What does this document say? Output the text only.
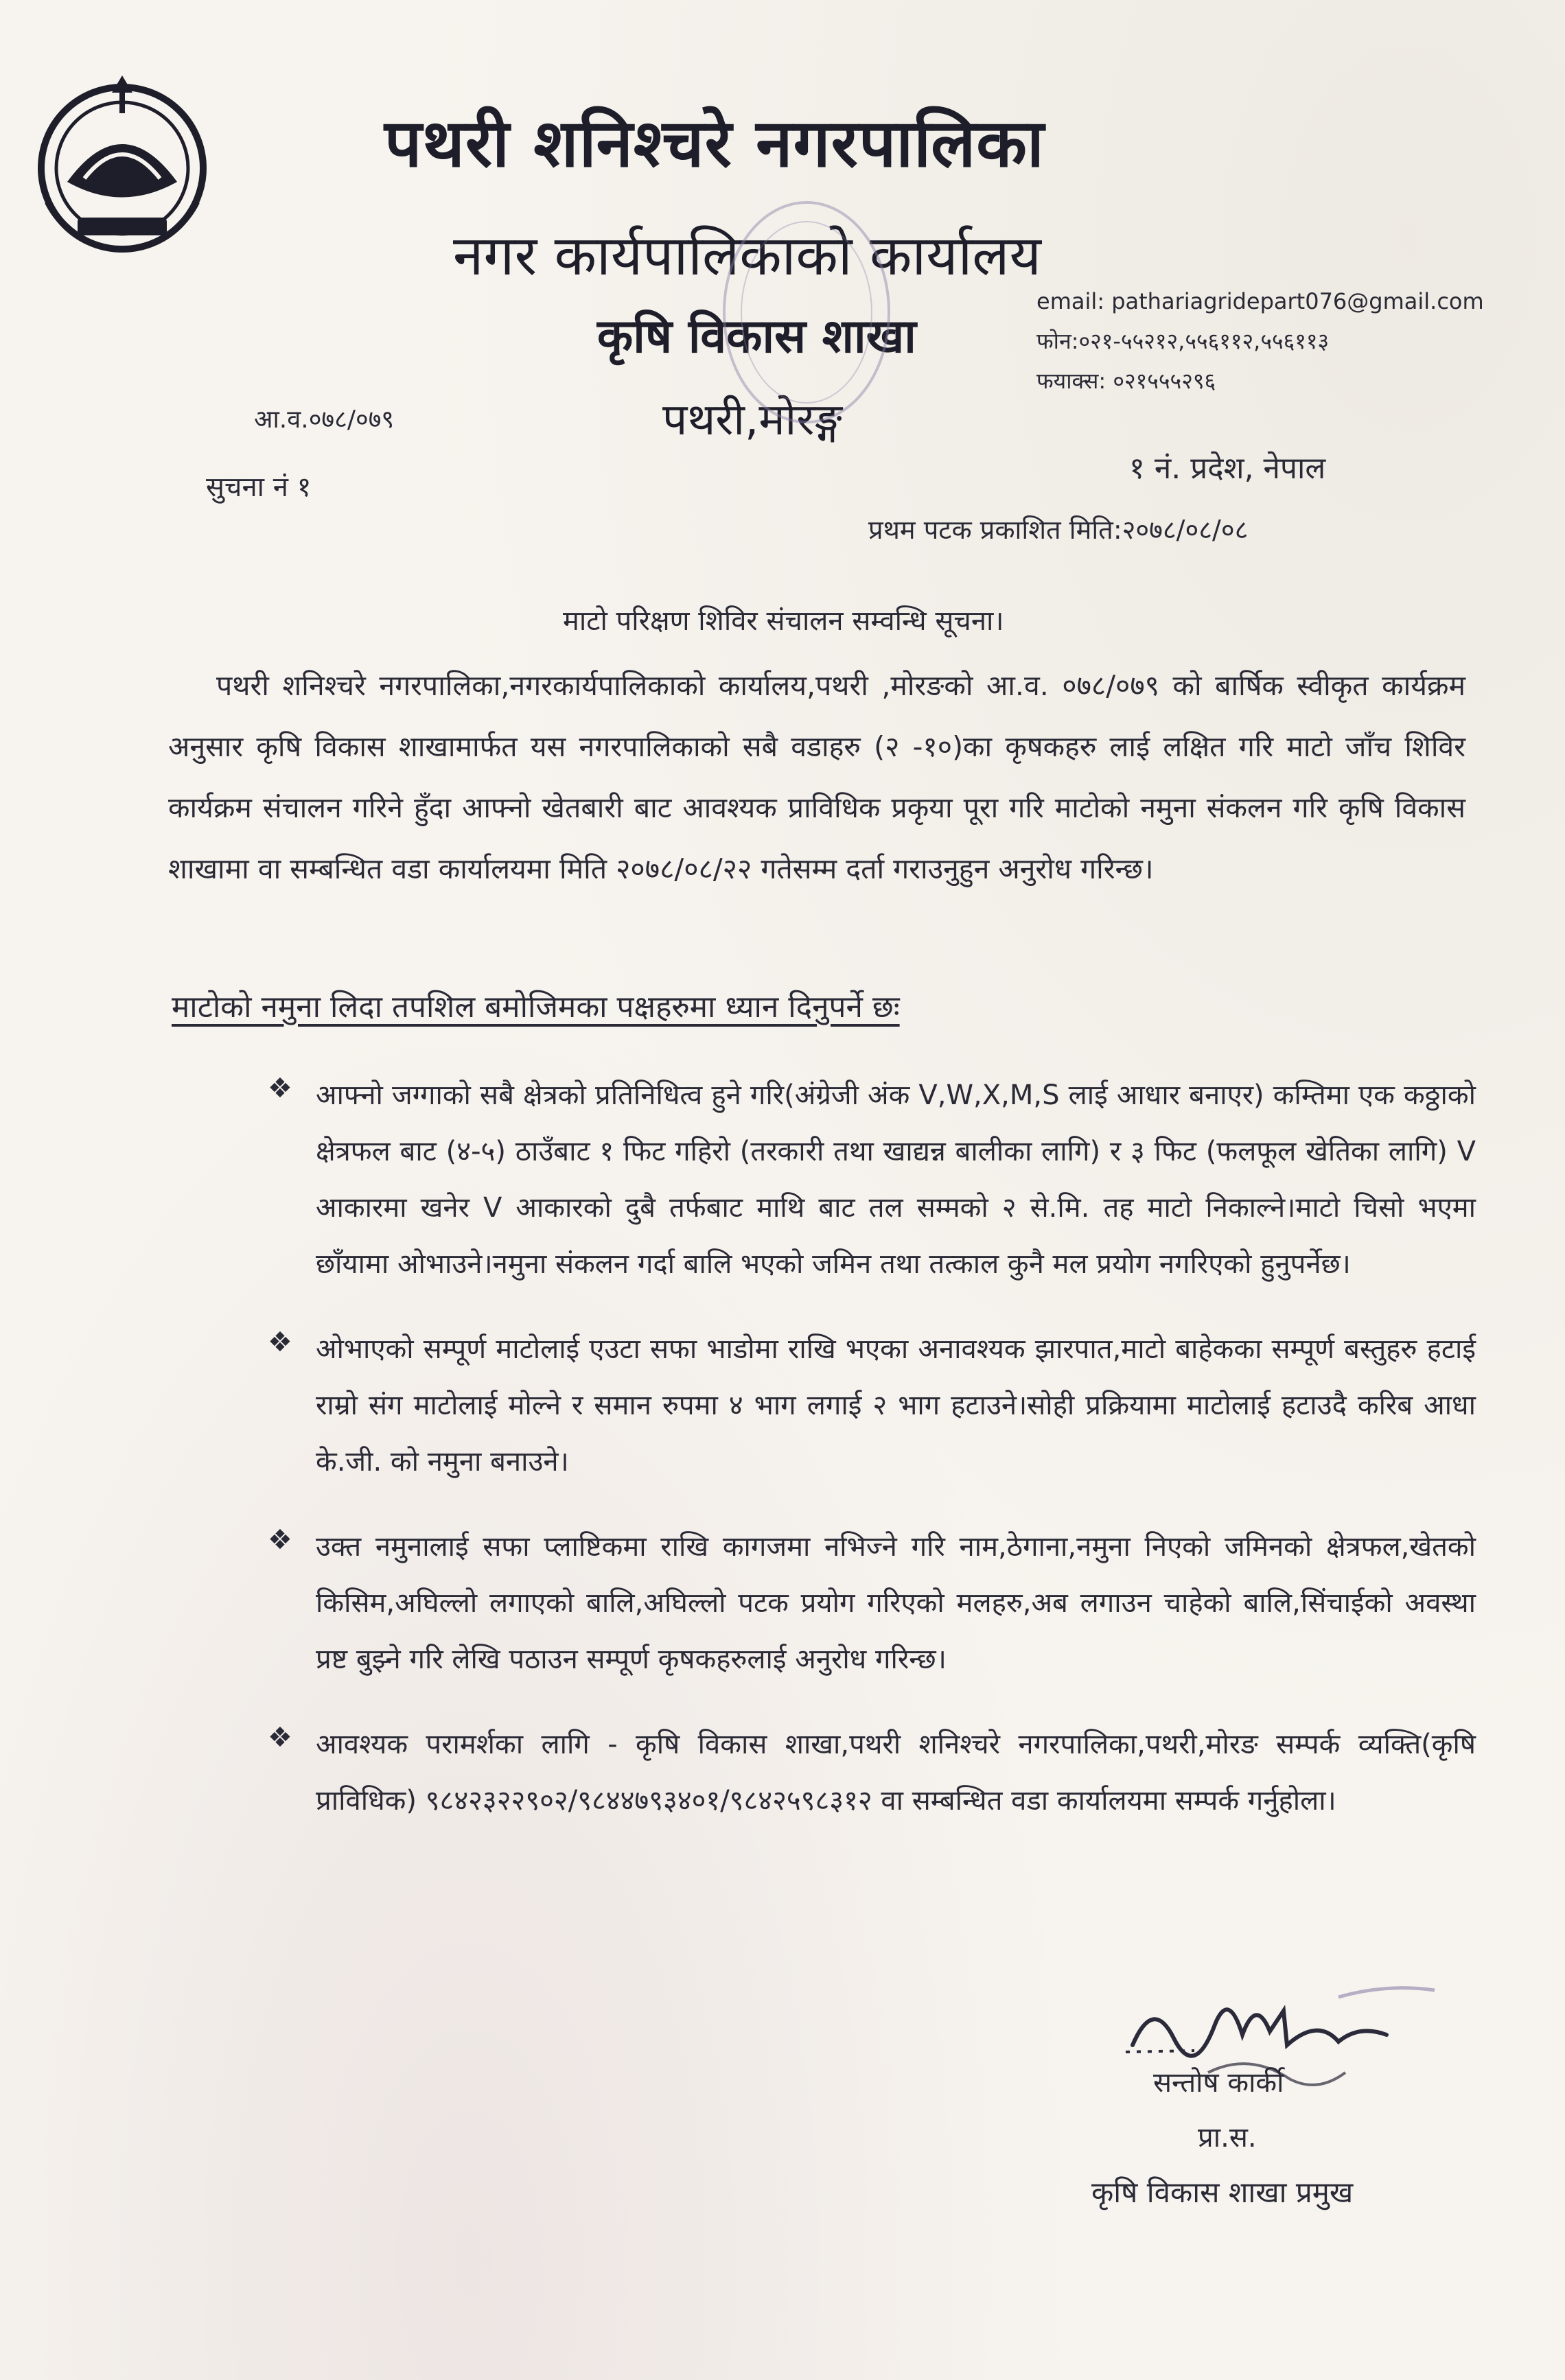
पथरी शनिश्चरे नगरपालिका
नगर कार्यपालिकाको कार्यालय
कृषि विकास शाखा
पथरी,मोरङ्ग
email: pathariagridepart076@gmail.com
फोन:०२१-५५२१२,५५६११२,५५६११३
फयाक्स: ०२१५५५२९६
आ.व.०७८/०७९
सुचना नं १
१ नं. प्रदेश, नेपाल
प्रथम पटक प्रकाशित मिति:२०७८/०८/०८
माटो परिक्षण शिविर संचालन सम्वन्धि सूचना।
पथरी शनिश्चरे नगरपालिका,नगरकार्यपालिकाको कार्यालय,पथरी ,मोरङको आ.व. ०७८/०७९ को बार्षिक स्वीकृत कार्यक्रम अनुसार कृषि विकास शाखामार्फत यस नगरपालिकाको सबै वडाहरु (२ -१०)का कृषकहरु लाई लक्षित गरि माटो जाँच शिविर कार्यक्रम संचालन गरिने हुँदा आफ्नो खेतबारी बाट आवश्यक प्राविधिक प्रकृया पूरा गरि माटोको नमुना संकलन गरि कृषि विकास शाखामा वा सम्बन्धित वडा कार्यालयमा मिति २०७८/०८/२२ गतेसम्म दर्ता गराउनुहुन अनुरोध गरिन्छ।
माटोको नमुना लिदा तपशिल बमोजिमका पक्षहरुमा ध्यान दिनुपर्ने छः
❖ आफ्नो जग्गाको सबै क्षेत्रको प्रतिनिधित्व हुने गरि(अंग्रेजी अंक V,W,X,M,S लाई आधार बनाएर) कम्तिमा एक कठ्ठाको क्षेत्रफल बाट (४-५) ठाउँबाट १ फिट गहिरो (तरकारी तथा खाद्यन्न बालीका लागि) र ३ फिट (फलफूल खेतिका लागि) V आकारमा खनेर V आकारको दुबै तर्फबाट माथि बाट तल सम्मको २ से.मि. तह माटो निकाल्ने।माटो चिसो भएमा छाँयामा ओभाउने।नमुना संकलन गर्दा बालि भएको जमिन तथा तत्काल कुनै मल प्रयोग नगरिएको हुनुपर्नेछ।
❖ ओभाएको सम्पूर्ण माटोलाई एउटा सफा भाडोमा राखि भएका अनावश्यक झारपात,माटो बाहेकका सम्पूर्ण बस्तुहरु हटाई राम्रो संग माटोलाई मोल्ने र समान रुपमा ४ भाग लगाई २ भाग हटाउने।सोही प्रक्रियामा माटोलाई हटाउदै करिब आधा के.जी. को नमुना बनाउने।
❖ उक्त नमुनालाई सफा प्लाष्टिकमा राखि कागजमा नभिज्ने गरि नाम,ठेगाना,नमुना निएको जमिनको क्षेत्रफल,खेतको किसिम,अघिल्लो लगाएको बालि,अघिल्लो पटक प्रयोग गरिएको मलहरु,अब लगाउन चाहेको बालि,सिंचाईको अवस्था प्रष्ट बुझ्ने गरि लेखि पठाउन सम्पूर्ण कृषकहरुलाई अनुरोध गरिन्छ।
❖ आवश्यक परामर्शका लागि - कृषि विकास शाखा,पथरी शनिश्चरे नगरपालिका,पथरी,मोरङ सम्पर्क व्यक्ति(कृषि प्राविधिक) ९८४२३२२९०२/९८४४७९३४०१/९८४२५९८३१२ वा सम्बन्धित वडा कार्यालयमा सम्पर्क गर्नुहोला।
सन्तोष कार्की
प्रा.स.
कृषि विकास शाखा प्रमुख
